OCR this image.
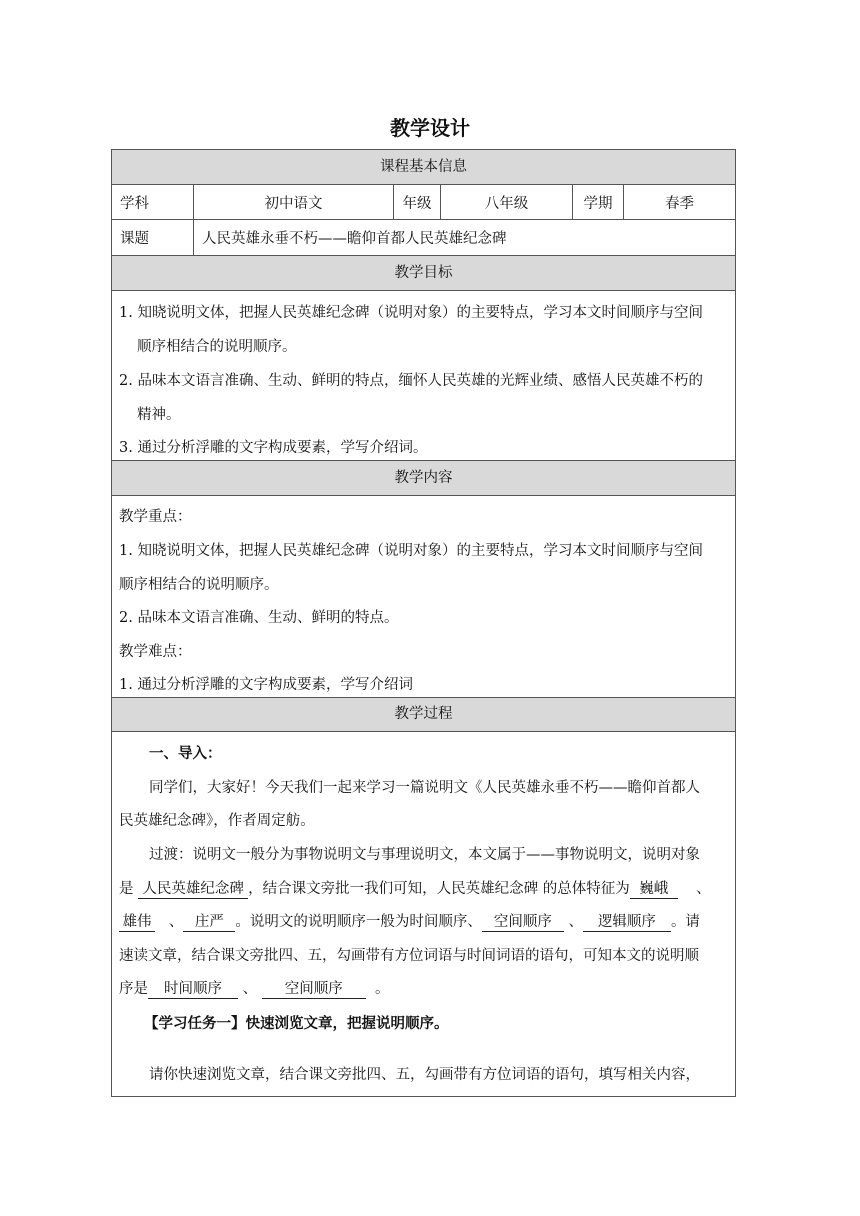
教学设计
课程基本信息
学科	初中语文	年级	八年级	学期	春季
课题	人民英雄永垂不朽——瞻仰首都人民英雄纪念碑
教学目标
1. 知晓说明文体，把握人民英雄纪念碑（说明对象）的主要特点，学习本文时间顺序与空间
顺序相结合的说明顺序。
2. 品味本文语言准确、生动、鲜明的特点，缅怀人民英雄的光辉业绩、感悟人民英雄不朽的
精神。
3. 通过分析浮雕的文字构成要素，学写介绍词。
教学内容
教学重点：
1. 知晓说明文体，把握人民英雄纪念碑（说明对象）的主要特点，学习本文时间顺序与空间
顺序相结合的说明顺序。
2. 品味本文语言准确、生动、鲜明的特点。
教学难点：
1. 通过分析浮雕的文字构成要素，学写介绍词
教学过程
一、导入：
同学们，大家好！今天我们一起来学习一篇说明文《人民英雄永垂不朽——瞻仰首都人
民英雄纪念碑》，作者周定舫。
过渡：说明文一般分为事物说明文与事理说明文，本文属于——事物说明文，说明对象
是 人民英雄纪念碑 ，结合课文旁批一我们可知，人民英雄纪念碑 的总体特征为 巍峨 、
雄伟 、 庄严 。说明文的说明顺序一般为时间顺序、 空间顺序 、 逻辑顺序 。请
速读文章，结合课文旁批四、五，勾画带有方位词语与时间词语的语句，可知本文的说明顺
序是 时间顺序 、 空间顺序 。
【学习任务一】快速浏览文章，把握说明顺序。
请你快速浏览文章，结合课文旁批四、五，勾画带有方位词语的语句，填写相关内容，
